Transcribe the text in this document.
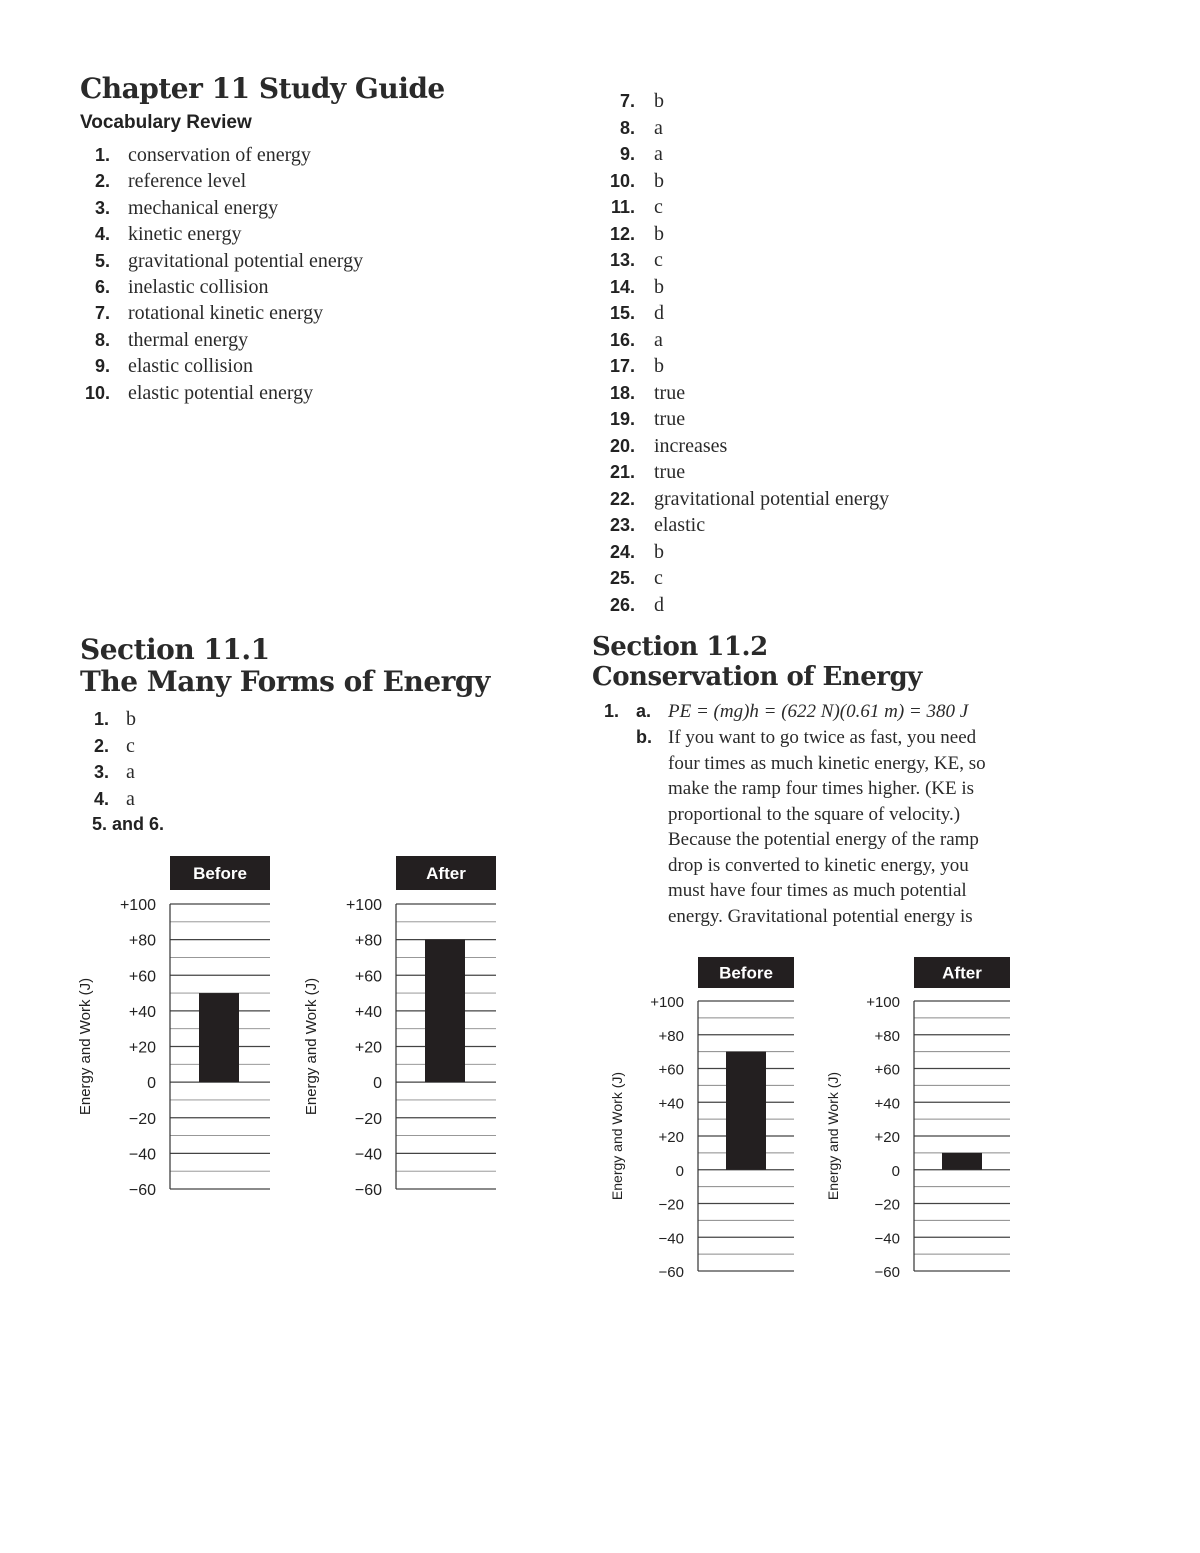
Chapter 11 Study Guide
Vocabulary Review
1. conservation of energy
2. reference level
3. mechanical energy
4. kinetic energy
5. gravitational potential energy
6. inelastic collision
7. rotational kinetic energy
8. thermal energy
9. elastic collision
10. elastic potential energy
7. b
8. a
9. a
10. b
11. c
12. b
13. c
14. b
15. d
16. a
17. b
18. true
19. true
20. increases
21. true
22. gravitational potential energy
23. elastic
24. b
25. c
26. d
Section 11.1
The Many Forms of Energy
1. b
2. c
3. a
4. a
5. and 6.
Section 11.2
Conservation of Energy
1. a. PE = (mg)h = (622 N)(0.61 m) = 380 J
b. If you want to go twice as fast, you need
four times as much kinetic energy, KE, so
make the ramp four times higher. (KE is
proportional to the square of velocity.)
Because the potential energy of the ramp
drop is converted to kinetic energy, you
must have four times as much potential
energy. Gravitational potential energy is
Before
+100
+80
+60
+40
+20
0
−20
−40
−60
Energy and Work (J)
After
+100
+80
+60
+40
+20
0
−20
−40
−60
Energy and Work (J)
Before
+100
+80
+60
+40
+20
0
−20
−40
−60
Energy and Work (J)
After
+100
+80
+60
+40
+20
0
−20
−40
−60
Energy and Work (J)
